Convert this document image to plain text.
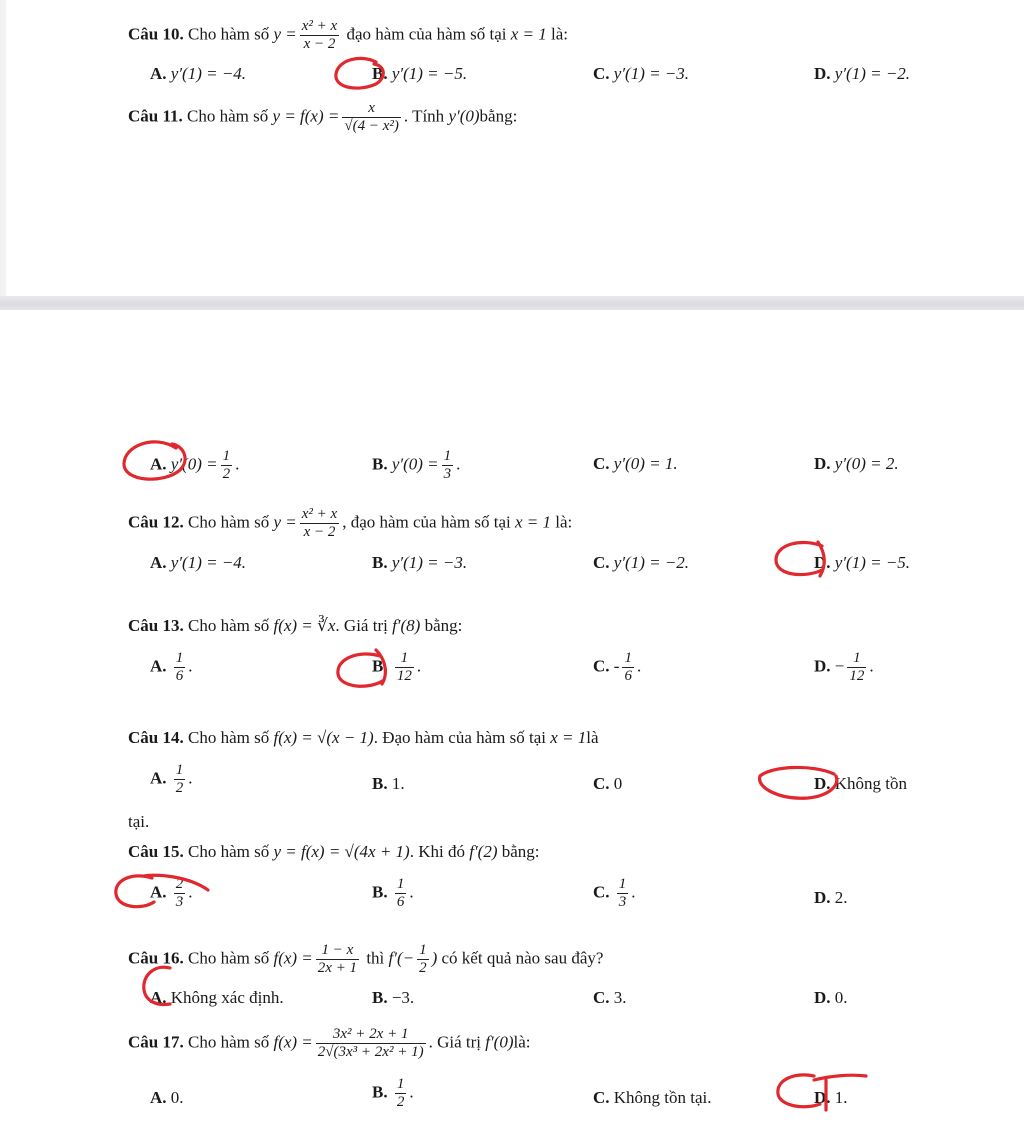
Câu 10. Cho hàm số $y = \frac{\text{x² + x}}{x - 2}$ đạo hàm của hàm số tại x = 1 là:
A. y′(1) = −4.	B. y′(1) = −5.	C. y′(1) = −3.	D. y′(1) = −2.
Câu 11. Cho hàm số $y = f(x) = \frac{x}{\text{√(4 − x²)}}$ . Tính y′(0)bằng:
A. $y'(0) = \frac{1}{2}$ .	B. $y'(0) = \frac{1}{3}$ .	C. y′(0) = 1.	D. y′(0) = 2.
Câu 12. Cho hàm số $y = \frac{\text{x² + x}}{x - 2}$ , đạo hàm của hàm số tại x = 1 là:
A. y′(1) = −4.	B. y′(1) = −3.	C. y′(1) = −2.	D. y′(1) = −5.
Câu 13. Cho hàm số f(x) = ∛x. Giá trị f′(8) bằng:
A. $\frac{1}{6}$ .	B. $\frac{1}{12}$ .	C. - $\frac{1}{6}$ .	D. − $\frac{1}{12}$ .
Câu 14. Cho hàm số f(x) = √(x − 1). Đạo hàm của hàm số tại x = 1là
A. $\frac{1}{2}$ .	B. 1.	C. 0	D. Không tồn
tại.
Câu 15. Cho hàm số y = f(x) = √(4x + 1). Khi đó f′(2) bằng:
A. $\frac{2}{3}$ .	B. $\frac{1}{6}$ .	C. $\frac{1}{3}$ .	D. 2.
Câu 16. Cho hàm số $f(x) = \frac{1 - x}{2x + 1}$ thì $f'(- \frac{1}{2}$ ) có kết quả nào sau đây?
A. Không xác định.	B. −3.	C. 3.	D. 0.
Câu 17. Cho hàm số $f(x) = \frac{\text{3x² + 2x + 1}}{\text{2√(3x³ + 2x² + 1)}}$ . Giá trị f′(0)là:
A. 0.	B. $\frac{1}{2}$ .	C. Không tồn tại.	D. 1.
